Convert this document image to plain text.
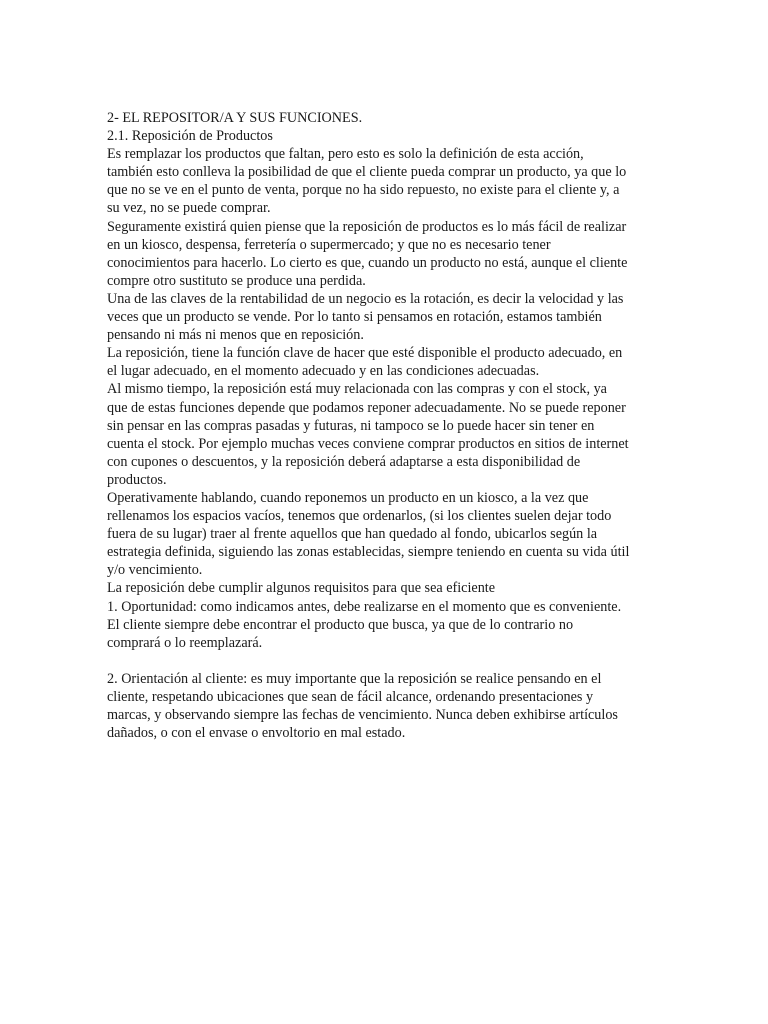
2- EL REPOSITOR/A Y SUS FUNCIONES.
2.1. Reposición de Productos
Es remplazar los productos que faltan, pero esto es solo la definición de esta acción,
también esto conlleva la posibilidad de que el cliente pueda comprar un producto, ya que lo
que no se ve en el punto de venta, porque no ha sido repuesto, no existe para el cliente y, a
su vez, no se puede comprar.
Seguramente existirá quien piense que la reposición de productos es lo más fácil de realizar
en un kiosco, despensa, ferretería o supermercado; y que no es necesario tener
conocimientos para hacerlo. Lo cierto es que, cuando un producto no está, aunque el cliente
compre otro sustituto se produce una perdida.
Una de las claves de la rentabilidad de un negocio es la rotación, es decir la velocidad y las
veces que un producto se vende. Por lo tanto si pensamos en rotación, estamos también
pensando ni más ni menos que en reposición.
La reposición, tiene la función clave de hacer que esté disponible el producto adecuado, en
el lugar adecuado, en el momento adecuado y en las condiciones adecuadas.
Al mismo tiempo, la reposición está muy relacionada con las compras y con el stock, ya
que de estas funciones depende que podamos reponer adecuadamente. No se puede reponer
sin pensar en las compras pasadas y futuras, ni tampoco se lo puede hacer sin tener en
cuenta el stock. Por ejemplo muchas veces conviene comprar productos en sitios de internet
con cupones o descuentos, y la reposición deberá adaptarse a esta disponibilidad de
productos.
Operativamente hablando, cuando reponemos un producto en un kiosco, a la vez que
rellenamos los espacios vacíos, tenemos que ordenarlos, (si los clientes suelen dejar todo
fuera de su lugar) traer al frente aquellos que han quedado al fondo, ubicarlos según la
estrategia definida, siguiendo las zonas establecidas, siempre teniendo en cuenta su vida útil
y/o vencimiento.
La reposición debe cumplir algunos requisitos para que sea eficiente
1. Oportunidad: como indicamos antes, debe realizarse en el momento que es conveniente.
El cliente siempre debe encontrar el producto que busca, ya que de lo contrario no
comprará o lo reemplazará.
2. Orientación al cliente: es muy importante que la reposición se realice pensando en el
cliente, respetando ubicaciones que sean de fácil alcance, ordenando presentaciones y
marcas, y observando siempre las fechas de vencimiento. Nunca deben exhibirse artículos
dañados, o con el envase o envoltorio en mal estado.
